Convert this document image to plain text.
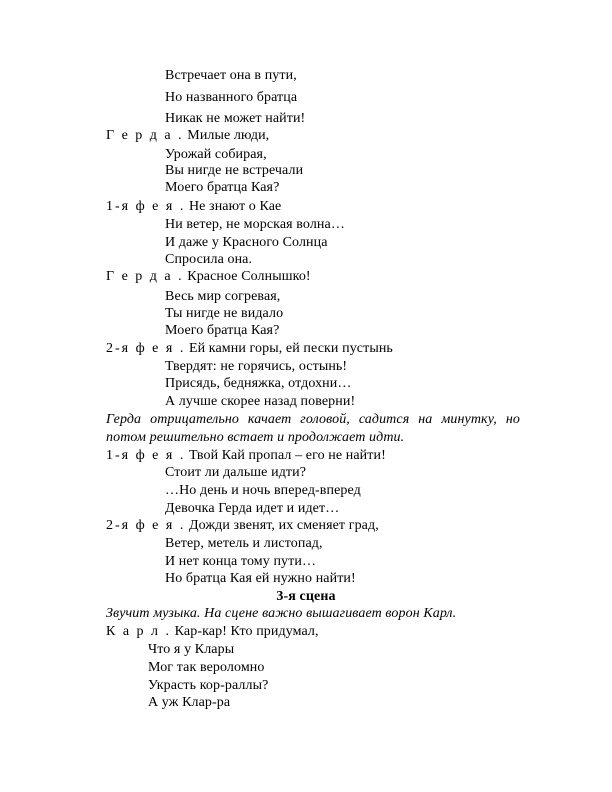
Встречает она в пути,
Но названного братца
Никак не может найти!
Г е р д а . Милые люди,
Урожай собирая,
Вы нигде не встречали
Моего братца Кая?
1-я ф е я . Не знают о Кае
Ни ветер, не морская волна…
И даже у Красного Солнца
Спросила она.
Г е р д а . Красное Солнышко!
Весь мир согревая,
Ты нигде не видало
Моего братца Кая?
2-я ф е я . Ей камни горы, ей пески пустынь
Твердят: не горячись, остынь!
Присядь, бедняжка, отдохни…
А лучше скорее назад поверни!
Герда отрицательно качает головой, садится на минутку, но
потом решительно встает и продолжает идти.
1-я ф е я . Твой Кай пропал – его не найти!
Стоит ли дальше идти?
…Но день и ночь вперед-вперед
Девочка Герда идет и идет…
2-я ф е я . Дожди звенят, их сменяет град,
Ветер, метель и листопад,
И нет конца тому пути…
Но братца Кая ей нужно найти!
3-я сцена
Звучит музыка. На сцене важно вышагивает ворон Карл.
К а р л . Кар-кар! Кто придумал,
Что я у Клары
Мог так вероломно
Украсть кор-раллы?
А уж Клар-ра
